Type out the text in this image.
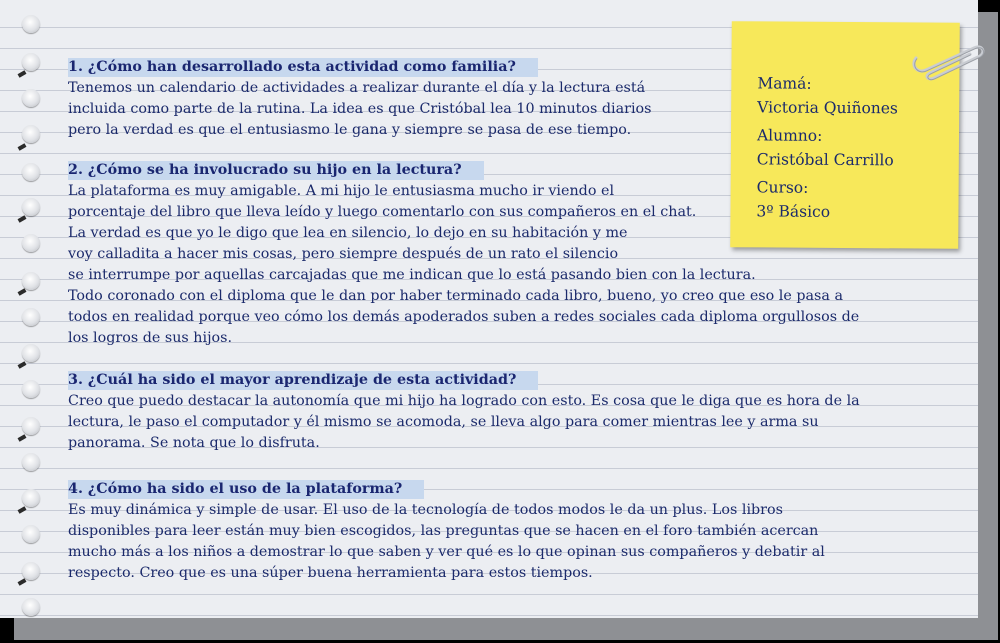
1. ¿Cómo han desarrollado esta actividad como familia?
Tenemos un calendario de actividades a realizar durante el día y la lectura está
incluida como parte de la rutina. La idea es que Cristóbal lea 10 minutos diarios
pero la verdad es que el entusiasmo le gana y siempre se pasa de ese tiempo.
2. ¿Cómo se ha involucrado su hijo en la lectura?
La plataforma es muy amigable. A mi hijo le entusiasma mucho ir viendo el
porcentaje del libro que lleva leído y luego comentarlo con sus compañeros en el chat.
La verdad es que yo le digo que lea en silencio, lo dejo en su habitación y me
voy calladita a hacer mis cosas, pero siempre después de un rato el silencio
se interrumpe por aquellas carcajadas que me indican que lo está pasando bien con la lectura.
Todo coronado con el diploma que le dan por haber terminado cada libro, bueno, yo creo que eso le pasa a
todos en realidad porque veo cómo los demás apoderados suben a redes sociales cada diploma orgullosos de
los logros de sus hijos.
3. ¿Cuál ha sido el mayor aprendizaje de esta actividad?
Creo que puedo destacar la autonomía que mi hijo ha logrado con esto. Es cosa que le diga que es hora de la
lectura, le paso el computador y él mismo se acomoda, se lleva algo para comer mientras lee y arma su
panorama. Se nota que lo disfruta.
4. ¿Cómo ha sido el uso de la plataforma?
Es muy dinámica y simple de usar. El uso de la tecnología de todos modos le da un plus. Los libros
disponibles para leer están muy bien escogidos, las preguntas que se hacen en el foro también acercan
mucho más a los niños a demostrar lo que saben y ver qué es lo que opinan sus compañeros y debatir al
respecto. Creo que es una súper buena herramienta para estos tiempos.
Mamá:
Victoria Quiñones
Alumno:
Cristóbal Carrillo
Curso:
3º Básico
